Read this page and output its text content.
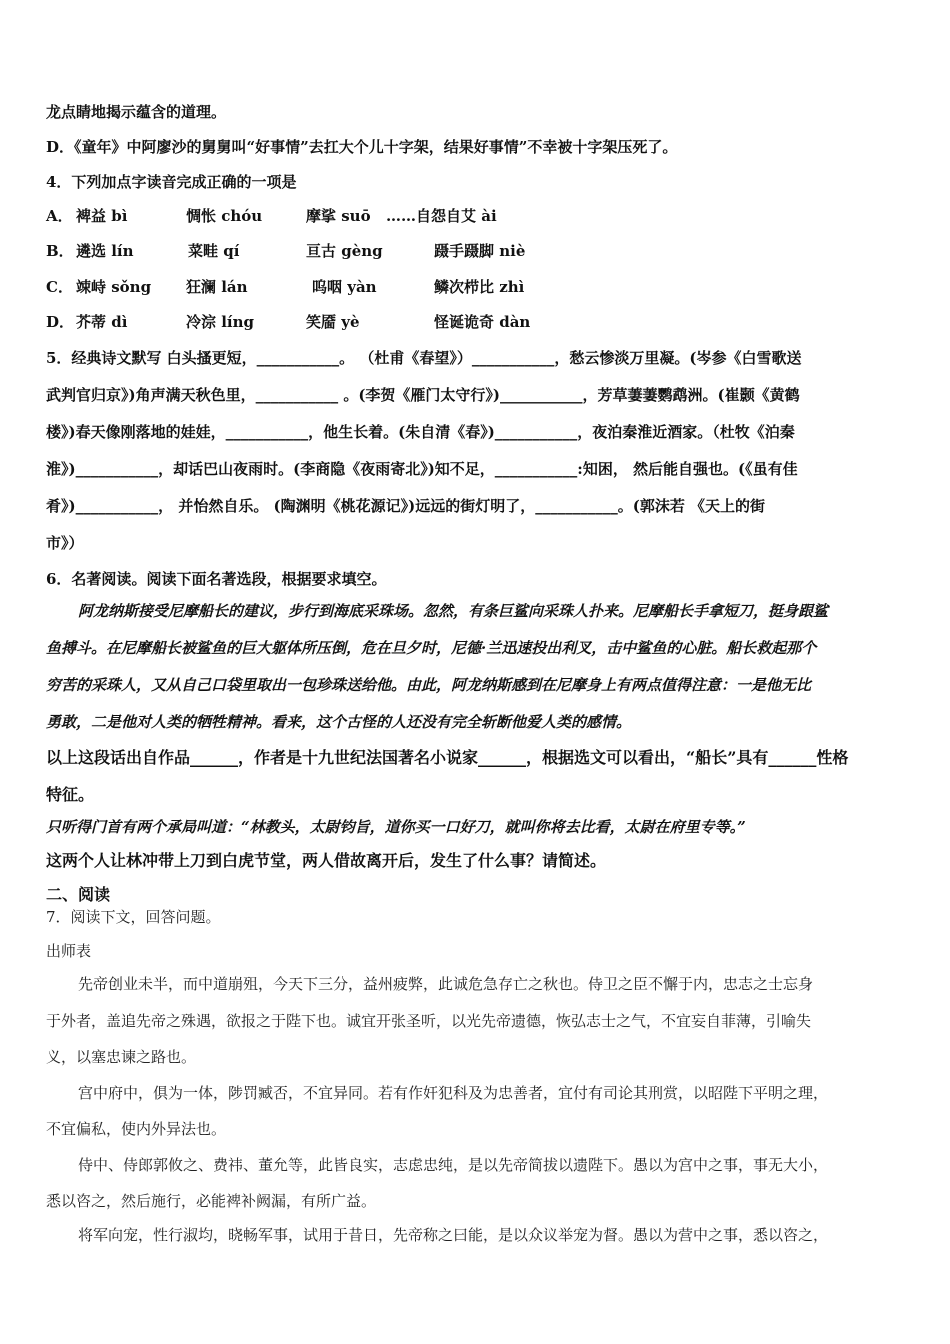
龙点睛地揭示蕴含的道理。
D．《童年》中阿廖沙的舅舅叫“好事情”去扛大个儿十字架，结果好事情”不幸被十字架压死了。
4．下列加点字读音完成正确的一项是
A． 裨益 bì	惆怅 chóu	摩挲 suō ……自怨自艾 ài
B． 遴选 lín	菜畦 qí	亘古 gèng	蹑手蹑脚 niè
C． 竦峙 sǒng 狂澜 lán	呜咽 yàn	鳞次栉比 zhì
D． 芥蒂 dì	冷淙 líng	笑靥 yè	怪诞诡奇 dàn
5．经典诗文默写 白头搔更短，___________。 （杜甫《春望》）___________，愁云惨淡万里凝。(岑参《白雪歌送
武判官归京》)角声满天秋色里，___________ 。(李贺《雁门太守行》)___________，芳草萋萋鹦鹉洲。(崔颢《黄鹤
楼》)春天像刚落地的娃娃，___________，他生长着。(朱自清《春》)___________，夜泊秦淮近酒家。（杜牧《泊秦
淮》)___________，却话巴山夜雨时。(李商隐《夜雨寄北》)知不足，___________:知困， 然后能自强也。(《虽有佳
肴》)___________， 并怡然自乐。 (陶渊明《桃花源记》)远远的街灯明了，___________。(郭沫若 《天上的街
市》）
6．名著阅读。阅读下面名著选段，根据要求填空。
阿龙纳斯接受尼摩船长的建议，步行到海底采珠场。忽然，有条巨鲨向采珠人扑来。尼摩船长手拿短刀，挺身跟鲨
鱼搏斗。在尼摩船长被鲨鱼的巨大躯体所压倒，危在旦夕时，尼德·兰迅速投出利叉，击中鲨鱼的心脏。船长救起那个
穷苦的采珠人，又从自己口袋里取出一包珍珠送给他。由此，阿龙纳斯感到在尼摩身上有两点值得注意：一是他无比
勇敢，二是他对人类的牺牲精神。看来，这个古怪的人还没有完全斩断他爱人类的感情。
以上这段话出自作品______，作者是十九世纪法国著名小说家______，根据选文可以看出，“船长”具有______性格
特征。
只听得门首有两个承局叫道：“林教头，太尉钧旨，道你买一口好刀，就叫你将去比看，太尉在府里专等。”
这两个人让林冲带上刀到白虎节堂，两人借故离开后，发生了什么事？请简述。
二、阅读
7．阅读下文，回答问题。
出师表
先帝创业未半，而中道崩殂，今天下三分，益州疲弊，此诚危急存亡之秋也。侍卫之臣不懈于内，忠志之士忘身
于外者，盖追先帝之殊遇，欲报之于陛下也。诚宜开张圣听，以光先帝遗德，恢弘志士之气，不宜妄自菲薄，引喻失
义，以塞忠谏之路也。
宫中府中，俱为一体，陟罚臧否，不宜异同。若有作奸犯科及为忠善者，宜付有司论其刑赏，以昭陛下平明之理，
不宜偏私，使内外异法也。
侍中、侍郎郭攸之、费祎、董允等，此皆良实，志虑忠纯，是以先帝简拔以遗陛下。愚以为宫中之事，事无大小，
悉以咨之，然后施行，必能裨补阙漏，有所广益。
将军向宠，性行淑均，晓畅军事，试用于昔日，先帝称之曰能，是以众议举宠为督。愚以为营中之事，悉以咨之，
